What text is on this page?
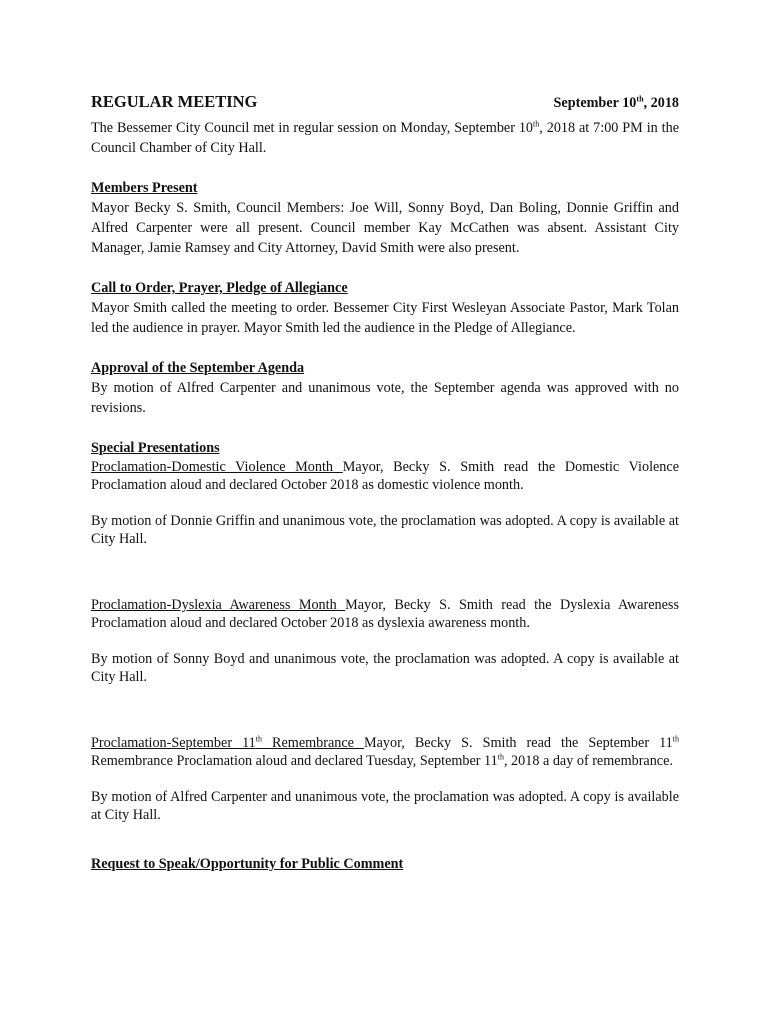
REGULAR MEETING	September 10th, 2018

The Bessemer City Council met in regular session on Monday, September 10th, 2018 at 7:00 PM in the Council Chamber of City Hall.

Members Present

Mayor Becky S. Smith, Council Members: Joe Will, Sonny Boyd, Dan Boling, Donnie Griffin and Alfred Carpenter were all present. Council member Kay McCathen was absent. Assistant City Manager, Jamie Ramsey and City Attorney, David Smith were also present.

Call to Order, Prayer, Pledge of Allegiance

Mayor Smith called the meeting to order. Bessemer City First Wesleyan Associate Pastor, Mark Tolan led the audience in prayer. Mayor Smith led the audience in the Pledge of Allegiance.

Approval of the September Agenda

By motion of Alfred Carpenter and unanimous vote, the September agenda was approved with no revisions.

Special Presentations

Proclamation-Domestic Violence Month Mayor, Becky S. Smith read the Domestic Violence Proclamation aloud and declared October 2018 as domestic violence month.

By motion of Donnie Griffin and unanimous vote, the proclamation was adopted. A copy is available at City Hall.

Proclamation-Dyslexia Awareness Month Mayor, Becky S. Smith read the Dyslexia Awareness Proclamation aloud and declared October 2018 as dyslexia awareness month.

By motion of Sonny Boyd and unanimous vote, the proclamation was adopted. A copy is available at City Hall.

Proclamation-September 11th Remembrance Mayor, Becky S. Smith read the September 11th Remembrance Proclamation aloud and declared Tuesday, September 11th, 2018 a day of remembrance.

By motion of Alfred Carpenter and unanimous vote, the proclamation was adopted. A copy is available at City Hall.

Request to Speak/Opportunity for Public Comment
